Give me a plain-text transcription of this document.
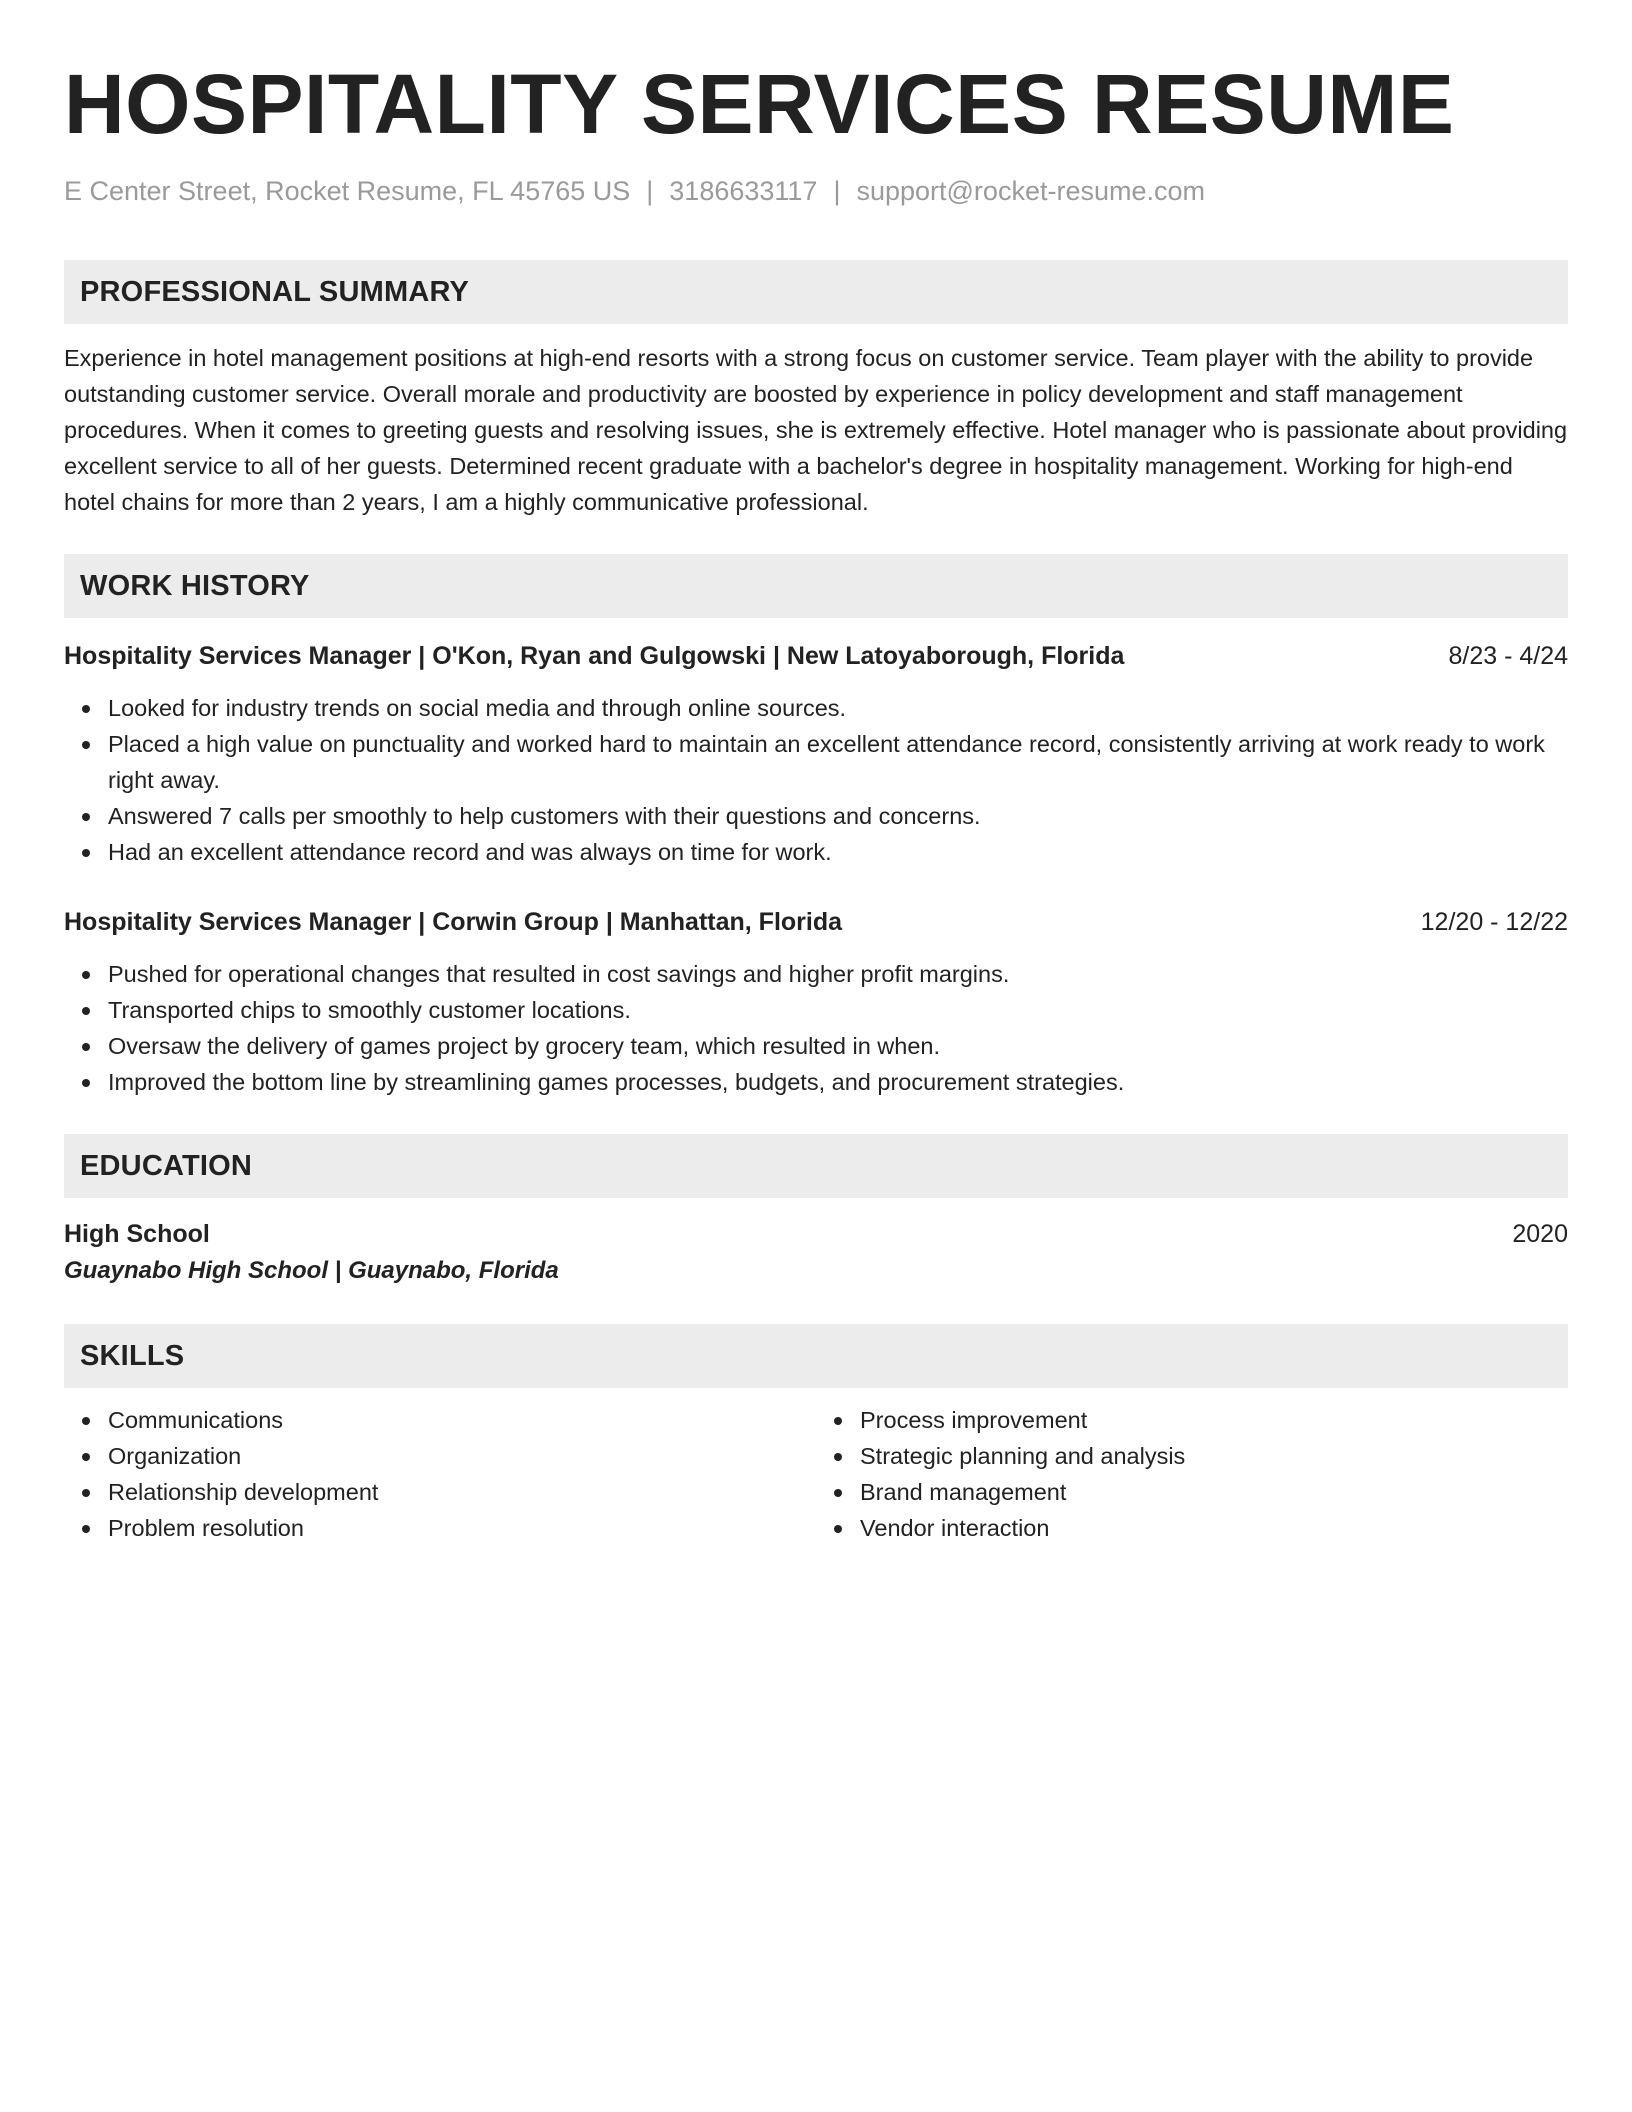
HOSPITALITY SERVICES RESUME
E Center Street, Rocket Resume, FL 45765 US | 3186633117 | support@rocket-resume.com
PROFESSIONAL SUMMARY
Experience in hotel management positions at high-end resorts with a strong focus on customer service. Team player with the ability to provide outstanding customer service. Overall morale and productivity are boosted by experience in policy development and staff management procedures. When it comes to greeting guests and resolving issues, she is extremely effective. Hotel manager who is passionate about providing excellent service to all of her guests. Determined recent graduate with a bachelor's degree in hospitality management. Working for high-end hotel chains for more than 2 years, I am a highly communicative professional.
WORK HISTORY
Hospitality Services Manager | O'Kon, Ryan and Gulgowski | New Latoyaborough, Florida	8/23 - 4/24
Looked for industry trends on social media and through online sources.
Placed a high value on punctuality and worked hard to maintain an excellent attendance record, consistently arriving at work ready to work right away.
Answered 7 calls per smoothly to help customers with their questions and concerns.
Had an excellent attendance record and was always on time for work.
Hospitality Services Manager | Corwin Group | Manhattan, Florida	12/20 - 12/22
Pushed for operational changes that resulted in cost savings and higher profit margins.
Transported chips to smoothly customer locations.
Oversaw the delivery of games project by grocery team, which resulted in when.
Improved the bottom line by streamlining games processes, budgets, and procurement strategies.
EDUCATION
High School	2020
Guaynabo High School | Guaynabo, Florida
SKILLS
Communications
Organization
Relationship development
Problem resolution
Process improvement
Strategic planning and analysis
Brand management
Vendor interaction
